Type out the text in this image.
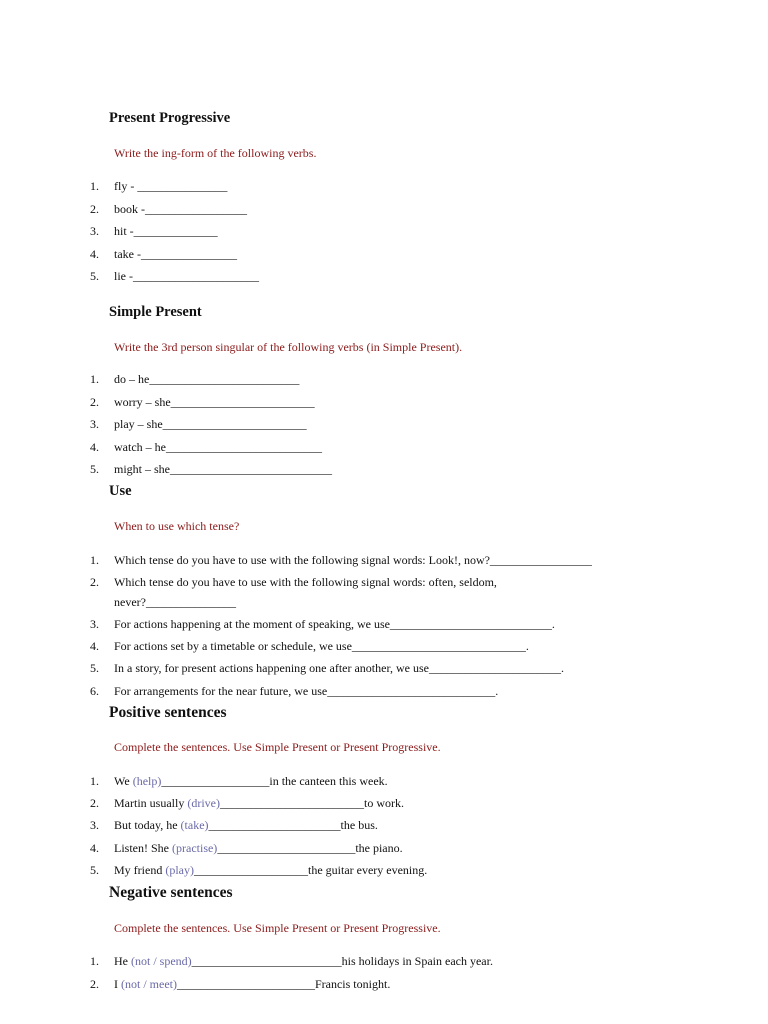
Present Progressive
Write the ing-form of the following verbs.
1.	fly - _______________
2.	book -_________________
3.	hit -______________
4.	take -________________
5.	lie -_____________________
Simple Present
Write the 3rd person singular of the following verbs (in Simple Present).
1.	do – he_________________________
2.	worry – she________________________
3.	play – she________________________
4.	watch – he__________________________
5.	might – she___________________________
Use
When to use which tense?
1.	Which tense do you have to use with the following signal words: Look!, now?_________________
2.	Which tense do you have to use with the following signal words: often, seldom,
never?_______________
3.	For actions happening at the moment of speaking, we use___________________________.
4.	For actions set by a timetable or schedule, we use_____________________________.
5.	In a story, for present actions happening one after another, we use______________________.
6.	For arrangements for the near future, we use____________________________.
Positive sentences
Complete the sentences. Use Simple Present or Present Progressive.
1.	We (help)__________________in the canteen this week.
2.	Martin usually (drive)________________________to work.
3.	But today, he (take)______________________the bus.
4.	Listen! She (practise)_______________________the piano.
5.	My friend (play)___________________the guitar every evening.
Negative sentences
Complete the sentences. Use Simple Present or Present Progressive.
1.	He (not / spend)_________________________his holidays in Spain each year.
2.	I (not / meet)_______________________Francis tonight.
